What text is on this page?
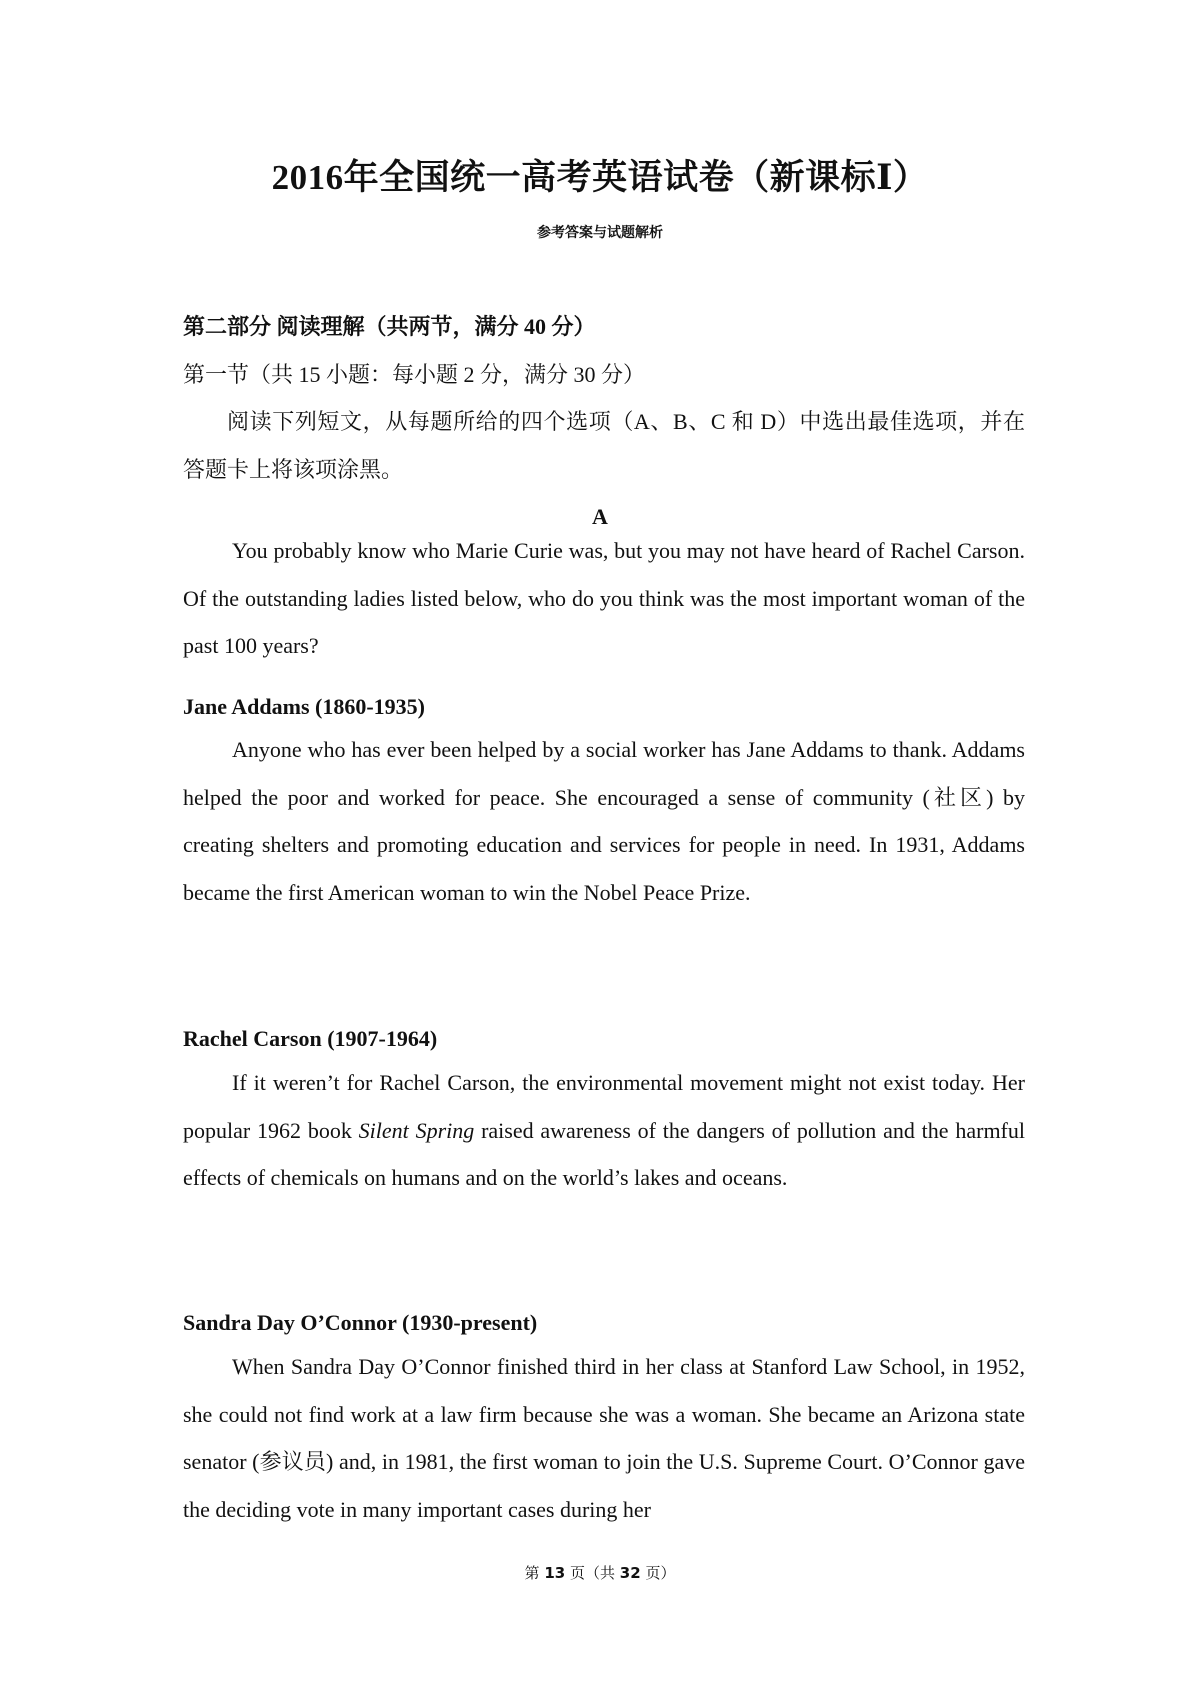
2016年全国统一高考英语试卷（新课标Ⅰ）
参考答案与试题解析
第二部分 阅读理解（共两节，满分 40 分）
第一节（共 15 小题：每小题 2 分，满分 30 分）
阅读下列短文，从每题所给的四个选项（A、B、C 和 D）中选出最佳选项，并在答题卡上将该项涂黑。
A

You probably know who Marie Curie was, but you may not have heard of Rachel Carson. Of the outstanding ladies listed below, who do you think was the most important woman of the past 100 years?

Jane Addams (1860-1935)

Anyone who has ever been helped by a social worker has Jane Addams to thank. Addams helped the poor and worked for peace. She encouraged a sense of community (社区) by creating shelters and promoting education and services for people in need. In 1931, Addams became the first American woman to win the Nobel Peace Prize.

Rachel Carson (1907-1964)

If it weren’t for Rachel Carson, the environmental movement might not exist today. Her popular 1962 book Silent Spring raised awareness of the dangers of pollution and the harmful effects of chemicals on humans and on the world’s lakes and oceans.

Sandra Day O’Connor (1930-present)

When Sandra Day O’Connor finished third in her class at Stanford Law School, in 1952, she could not find work at a law firm because she was a woman. She became an Arizona state senator (参议员) and, in 1981, the first woman to join the U.S. Supreme Court. O’Connor gave the deciding vote in many important cases during her

第 13 页（共 32 页）
